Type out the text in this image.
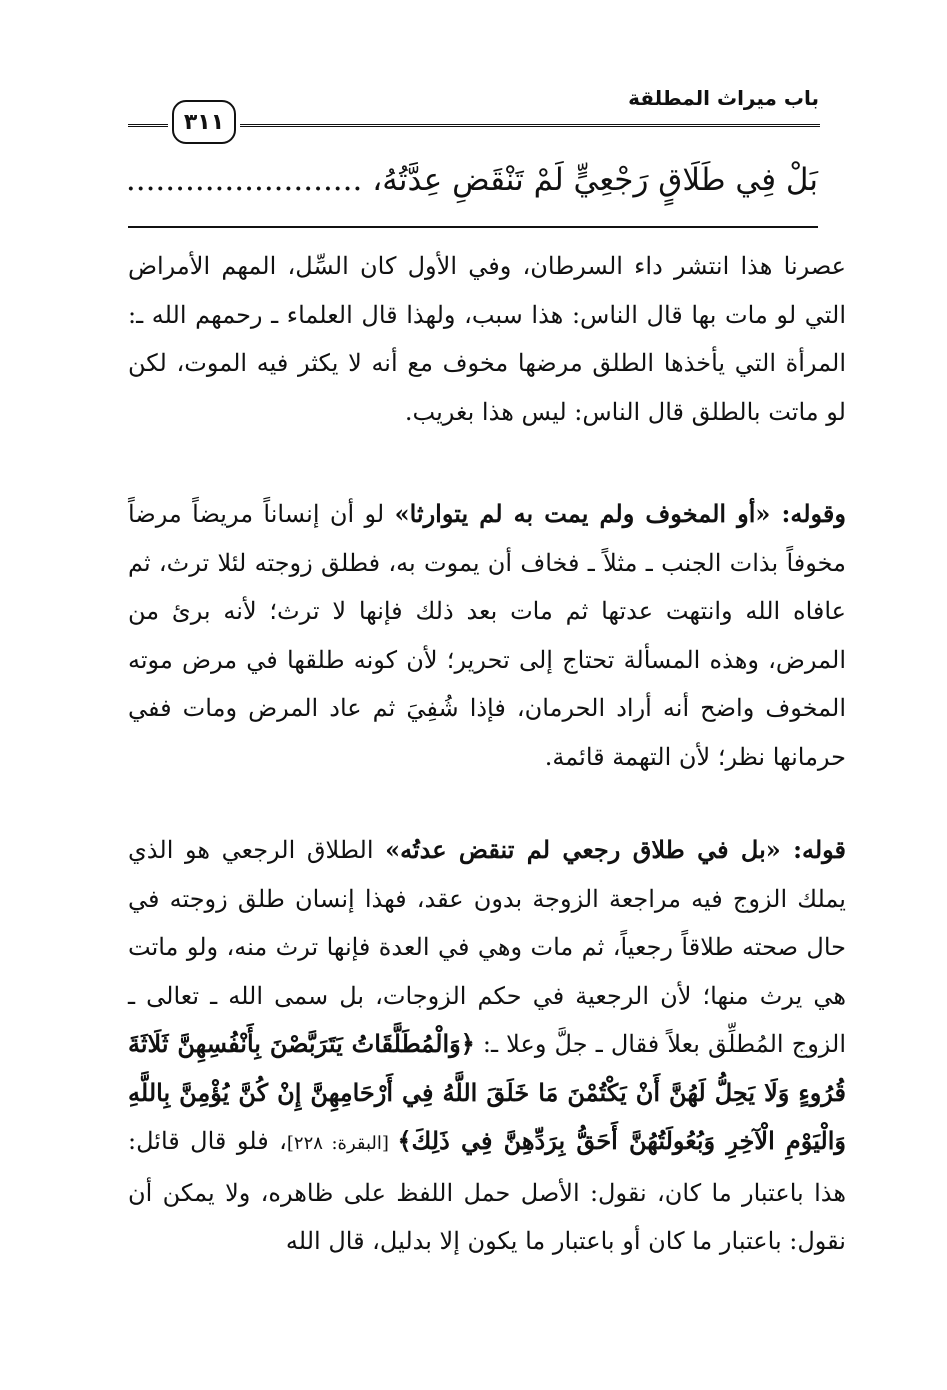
باب ميراث المطلقة
٣١١
بَلْ فِي طَلَاقٍ رَجْعِيٍّ لَمْ تَنْقَضِ عِدَّتُهُ، ........................

عصرنا هذا انتشر داء السرطان، وفي الأول كان السِّل، المهم الأمراض التي لو مات بها قال الناس: هذا سبب، ولهذا قال العلماء ـ رحمهم الله ـ: المرأة التي يأخذها الطلق مرضها مخوف مع أنه لا يكثر فيه الموت، لكن لو ماتت بالطلق قال الناس: ليس هذا بغريب.

وقوله: «أو المخوف ولم يمت به لم يتوارثا» لو أن إنساناً مريضاً مرضاً مخوفاً بذات الجنب ـ مثلاً ـ فخاف أن يموت به، فطلق زوجته لئلا ترث، ثم عافاه الله وانتهت عدتها ثم مات بعد ذلك فإنها لا ترث؛ لأنه برئ من المرض، وهذه المسألة تحتاج إلى تحرير؛ لأن كونه طلقها في مرض موته المخوف واضح أنه أراد الحرمان، فإذا شُفِيَ ثم عاد المرض ومات ففي حرمانها نظر؛ لأن التهمة قائمة.

قوله: «بل في طلاق رجعي لم تنقض عدتُه» الطلاق الرجعي هو الذي يملك الزوج فيه مراجعة الزوجة بدون عقد، فهذا إنسان طلق زوجته في حال صحته طلاقاً رجعياً، ثم مات وهي في العدة فإنها ترث منه، ولو ماتت هي يرث منها؛ لأن الرجعية في حكم الزوجات، بل سمى الله ـ تعالى ـ الزوج المُطلِّق بعلاً فقال ـ جلَّ وعلا ـ: ﴿وَالْمُطَلَّقَاتُ يَتَرَبَّصْنَ بِأَنْفُسِهِنَّ ثَلَاثَةَ قُرُوءٍ وَلَا يَحِلُّ لَهُنَّ أَنْ يَكْتُمْنَ مَا خَلَقَ اللَّهُ فِي أَرْحَامِهِنَّ إِنْ كُنَّ يُؤْمِنَّ بِاللَّهِ وَالْيَوْمِ الْآخِرِ وَبُعُولَتُهُنَّ أَحَقُّ بِرَدِّهِنَّ فِي ذَلِكَ﴾ [البقرة: ٢٢٨]، فلو قال قائل: هذا باعتبار ما كان، نقول: الأصل حمل اللفظ على ظاهره، ولا يمكن أن نقول: باعتبار ما كان أو باعتبار ما يكون إلا بدليل، قال الله
